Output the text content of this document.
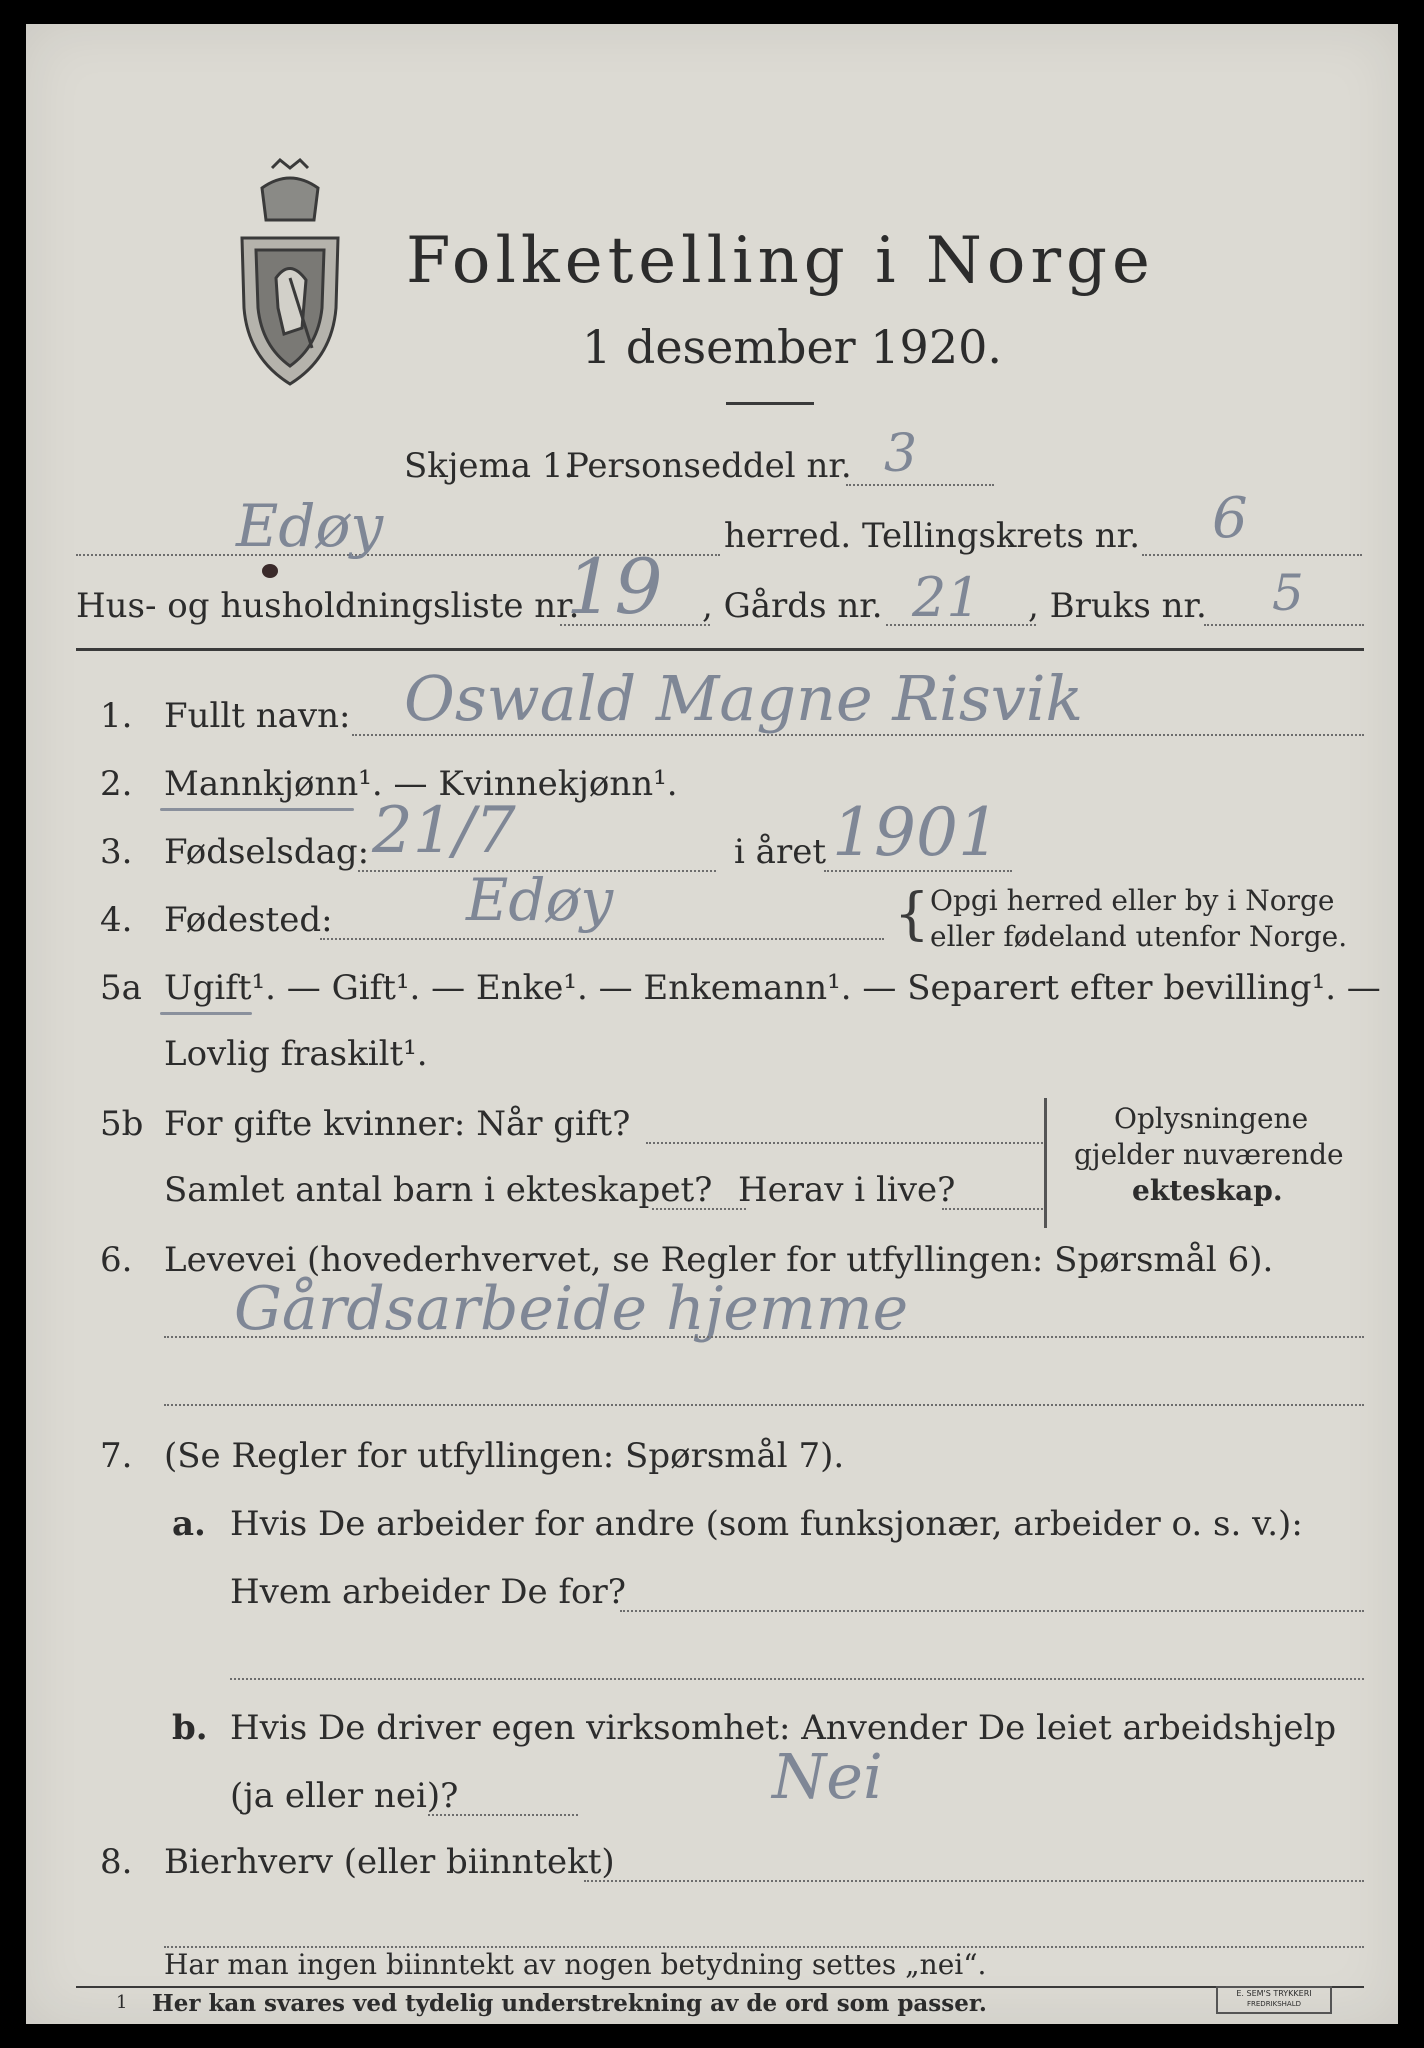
Folketelling i Norge
1 desember 1920.
Skjema 1.
Personseddel nr. 3
Edøy	herred. Tellingskrets nr. 6
Hus- og husholdningsliste nr.
19 , Gårds nr. 21 , Bruks nr. 5
1. Fullt navn: Oswald Magne Risvik
2. Mannkjønn¹. — Kvinnekjønn¹.
3. Fødselsdag: 21/7	i året 1901
4. Fødested: Edøy	{ Opgi herred eller by i Norge
eller fødeland utenfor Norge.
5a Ugift¹. — Gift¹. — Enke¹. — Enkemann¹. — Separert efter bevilling¹. —
Lovlig fraskilt¹.
5b For gifte kvinner: Når gift?
Samlet antal barn i ekteskapet? Herav i live?
Oplysningene
gjelder nuværende
ekteskap.
6. Levevei (hovederhvervet, se Regler for utfyllingen: Spørsmål 6).
Gårdsarbeide hjemme
7. (Se Regler for utfyllingen: Spørsmål 7).
a. Hvis De arbeider for andre (som funksjonær, arbeider o. s. v.):
Hvem arbeider De for?
b. Hvis De driver egen virksomhet: Anvender De leiet arbeidshjelp
(ja eller nei)?	Nei
8. Bierhverv (eller biinntekt)
Har man ingen biinntekt av nogen betydning settes „nei“.
1 Her kan svares ved tydelig understrekning av de ord som passer.	E. SEM'S TRYKKERI
FREDRIKSHALD
